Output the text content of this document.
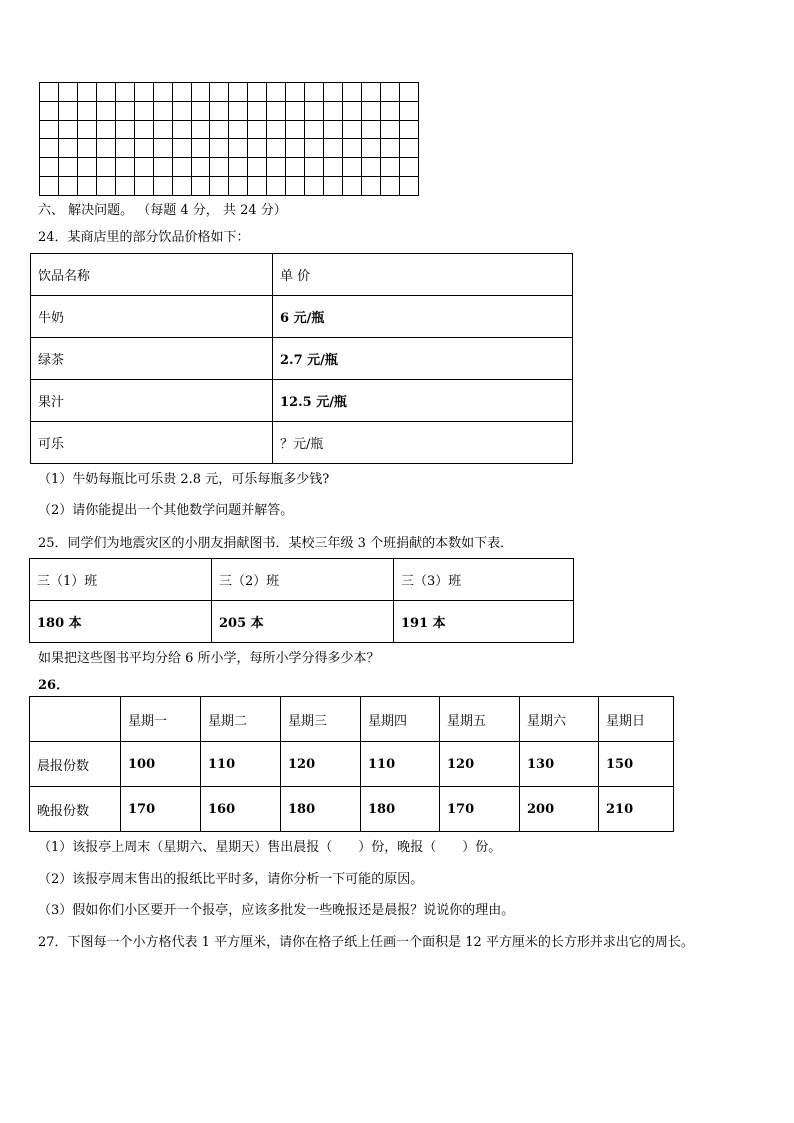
六、 解决问题。 （每题 4 分， 共 24 分）
24．某商店里的部分饮品价格如下：
饮品名称	单 价
牛奶	6 元/瓶
绿茶	2.7 元/瓶
果汁	12.5 元/瓶
可乐	？元/瓶
（1）牛奶每瓶比可乐贵 2.8 元，可乐每瓶多少钱?
（2）请你能提出一个其他数学问题并解答。
25．同学们为地震灾区的小朋友捐献图书．某校三年级 3 个班捐献的本数如下表．
三（1）班	三（2）班	三（3）班
180 本	205 本	191 本
如果把这些图书平均分给 6 所小学，每所小学分得多少本？
26．
	星期一	星期二	星期三	星期四	星期五	星期六	星期日
晨报份数	100	110	120	110	120	130	150
晚报份数	170	160	180	180	170	200	210
（1）该报亭上周末（星期六、星期天）售出晨报（　　）份，晚报（　　）份。
（2）该报亭周末售出的报纸比平时多，请你分析一下可能的原因。
（3）假如你们小区要开一个报亭，应该多批发一些晚报还是晨报？说说你的理由。
27．下图每一个小方格代表 1 平方厘米，请你在格子纸上任画一个面积是 12 平方厘米的长方形并求出它的周长。
